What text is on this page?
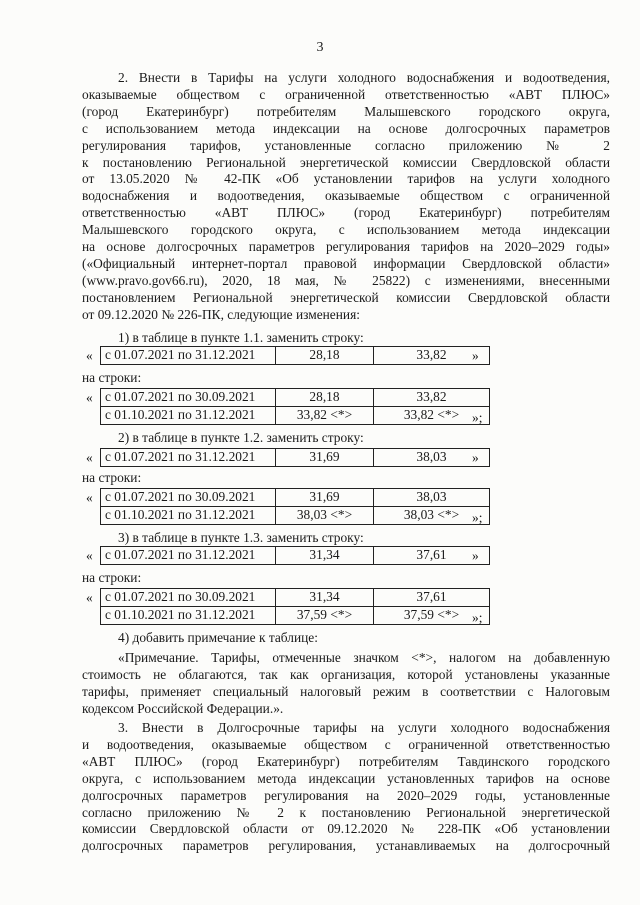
3
2. Внести в Тарифы на услуги холодного водоснабжения и водоотведения,
оказываемые обществом с ограниченной ответственностью «АВТ ПЛЮС»
(город Екатеринбург) потребителям Малышевского городского округа,
с использованием метода индексации на основе долгосрочных параметров
регулирования тарифов, установленные согласно приложению № 2
к постановлению Региональной энергетической комиссии Свердловской области
от 13.05.2020 № 42-ПК «Об установлении тарифов на услуги холодного
водоснабжения и водоотведения, оказываемые обществом с ограниченной
ответственностью «АВТ ПЛЮС» (город Екатеринбург) потребителям
Малышевского городского округа, с использованием метода индексации
на основе долгосрочных параметров регулирования тарифов на 2020–2029 годы»
(«Официальный интернет-портал правовой информации Свердловской области»
(www.pravo.gov66.ru), 2020, 18 мая, № 25822) с изменениями, внесенными
постановлением Региональной энергетической комиссии Свердловской области
от 09.12.2020 № 226-ПК, следующие изменения:
1) в таблице в пункте 1.1. заменить строку:
« с 01.07.2021 по 31.12.2021	28,18	33,82 »
на строки:
« с 01.07.2021 по 30.09.2021	28,18	33,82
с 01.10.2021 по 31.12.2021	33,82 <*>	33,82 <*> »;
2) в таблице в пункте 1.2. заменить строку:
« с 01.07.2021 по 31.12.2021	31,69	38,03 »
на строки:
« с 01.07.2021 по 30.09.2021	31,69	38,03
с 01.10.2021 по 31.12.2021	38,03 <*>	38,03 <*> »;
3) в таблице в пункте 1.3. заменить строку:
« с 01.07.2021 по 31.12.2021	31,34	37,61 »
на строки:
« с 01.07.2021 по 30.09.2021	31,34	37,61
с 01.10.2021 по 31.12.2021	37,59 <*>	37,59 <*> »;
4) добавить примечание к таблице:
«Примечание. Тарифы, отмеченные значком <*>, налогом на добавленную
стоимость не облагаются, так как организация, которой установлены указанные
тарифы, применяет специальный налоговый режим в соответствии с Налоговым
кодексом Российской Федерации.».
3. Внести в Долгосрочные тарифы на услуги холодного водоснабжения
и водоотведения, оказываемые обществом с ограниченной ответственностью
«АВТ ПЛЮС» (город Екатеринбург) потребителям Тавдинского городского
округа, с использованием метода индексации установленных тарифов на основе
долгосрочных параметров регулирования на 2020–2029 годы, установленные
согласно приложению № 2 к постановлению Региональной энергетической
комиссии Свердловской области от 09.12.2020 № 228-ПК «Об установлении
долгосрочных параметров регулирования, устанавливаемых на долгосрочный
